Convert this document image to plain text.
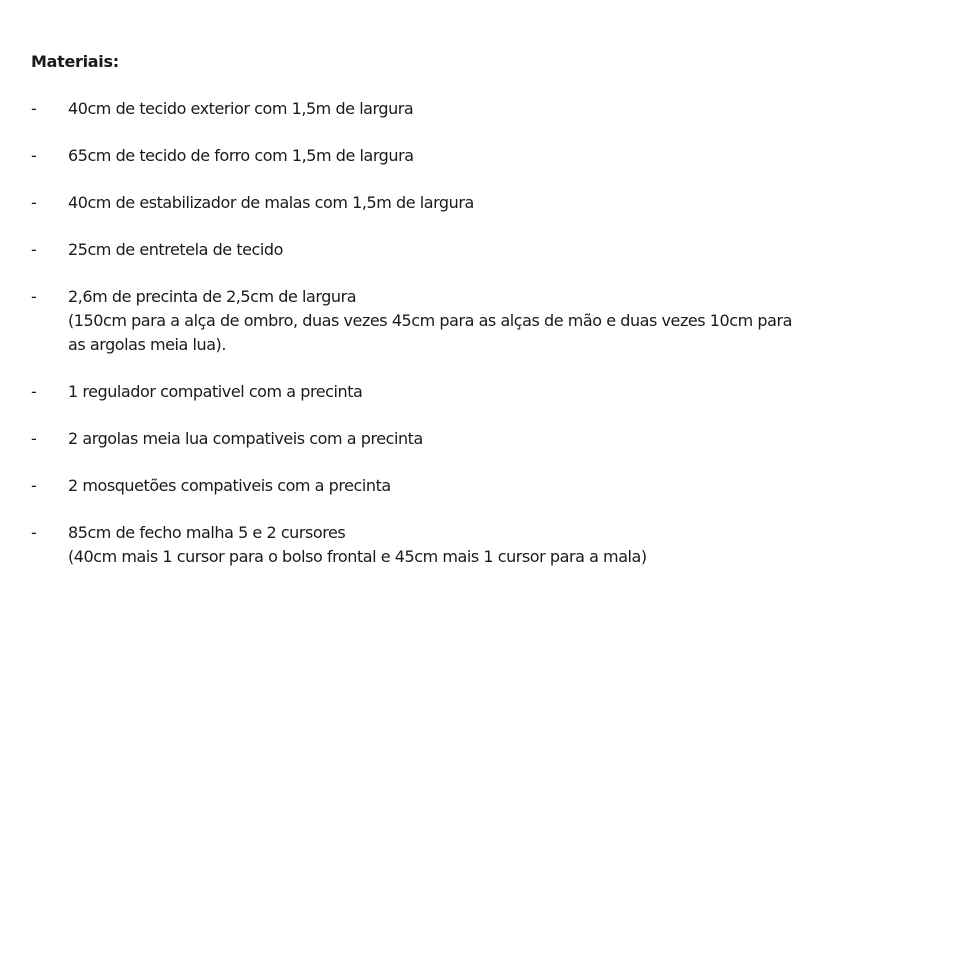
Materiais:
-	40cm de tecido exterior com 1,5m de largura
-	65cm de tecido de forro com 1,5m de largura
-	40cm de estabilizador de malas com 1,5m de largura
-	25cm de entretela de tecido
-	2,6m de precinta de 2,5cm de largura
(150cm para a alça de ombro, duas vezes 45cm para as alças de mão e duas vezes 10cm para
as argolas meia lua).
-	1 regulador compativel com a precinta
-	2 argolas meia lua compativeis com a precinta
-	2 mosquetões compativeis com a precinta
-	85cm de fecho malha 5 e 2 cursores
(40cm mais 1 cursor para o bolso frontal e 45cm mais 1 cursor para a mala)
